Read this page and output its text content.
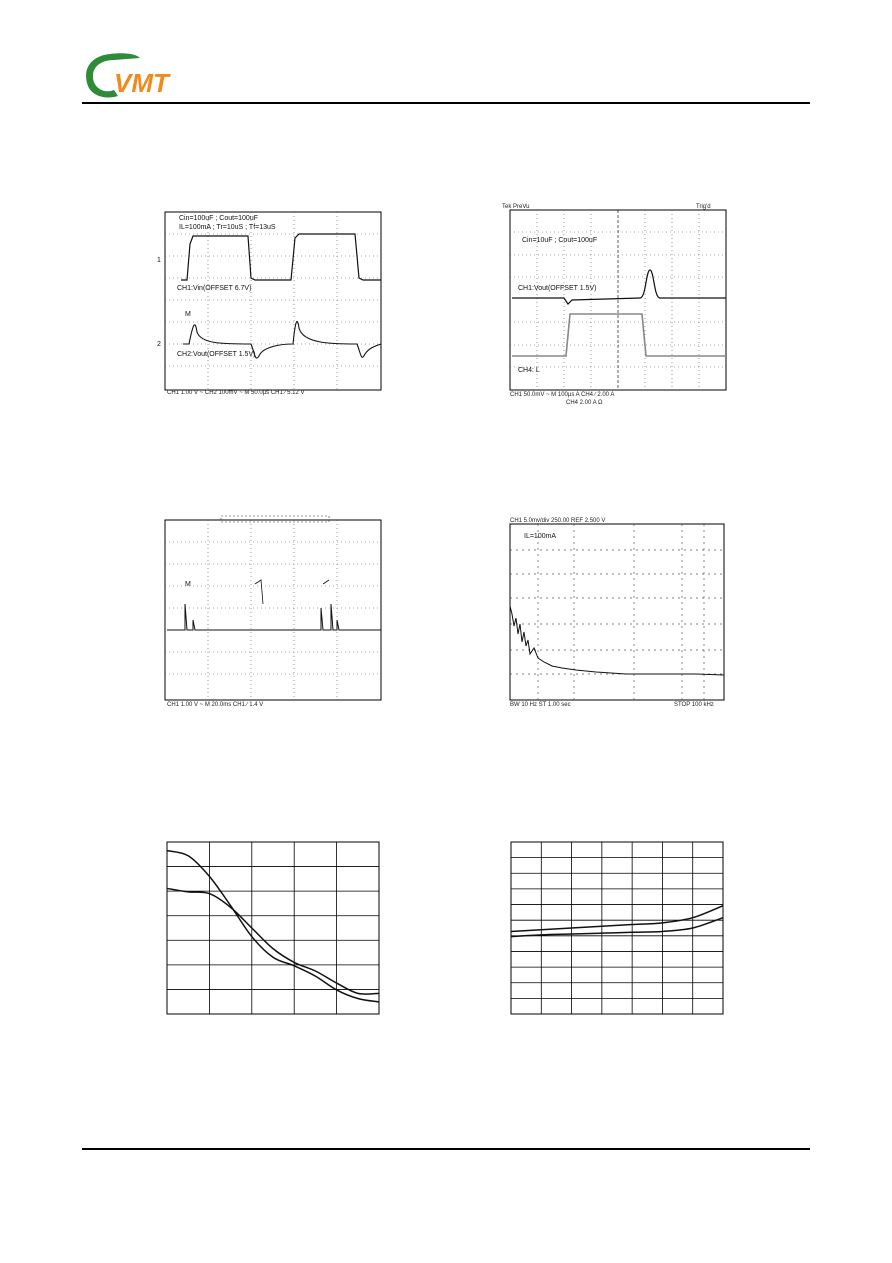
VMT
Cin=100uF ; Cout=100uF
IL=100mA ; Tr=10uS ; Tf=13uS
CH1:Vin(OFFSET 6.7V)
CH2:Vout(OFFSET 1.5V)
1
2
M
CH1 1.00 V ~ CH2 100mV ~ M 50.0µs CH1 ∕ 5.12 V
Tek PreVu	Trig'd
Cin=10uF ; Cout=100uF
CH1:Vout(OFFSET 1.5V)
CH4: L
CH1 50.0mV ~ M 100µs A CH4 ∕ 2.00 A
CH4 2.00 A Ω
M
CH1 1.00 V ~ M 20.0ms CH1 ∕ 1.4 V
CH1 5.0mv/div 250.00 REF 2.500 V
IL=100mA
BW 10 Hz ST 1.00 sec	STOP 100 kHz
